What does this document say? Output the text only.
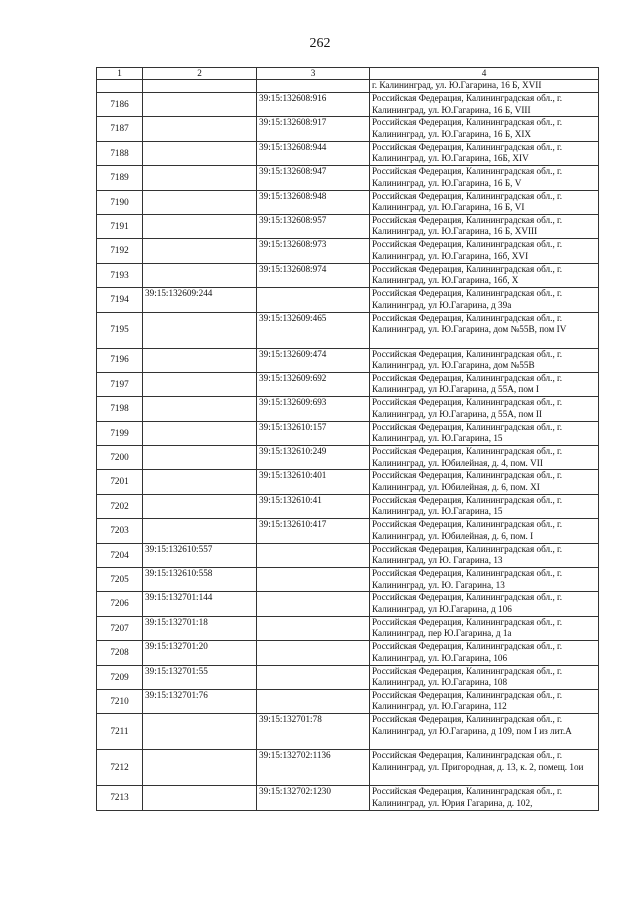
262
1	2	3	4
			г. Калининград, ул. Ю.Гагарина, 16 Б, XVII
7186		39:15:132608:916	Российская Федерация, Калининградская обл., г. Калининград, ул. Ю.Гагарина, 16 Б, VIII
7187		39:15:132608:917	Российская Федерация, Калининградская обл., г. Калининград, ул. Ю.Гагарина, 16 Б, XIX
7188		39:15:132608:944	Российская Федерация, Калининградская обл., г. Калининград, ул. Ю.Гагарина, 16Б, XIV
7189		39:15:132608:947	Российская Федерация, Калининградская обл., г. Калининград, ул. Ю.Гагарина, 16 Б, V
7190		39:15:132608:948	Российская Федерация, Калининградская обл., г. Калининград, ул. Ю.Гагарина, 16 Б, VI
7191		39:15:132608:957	Российская Федерация, Калининградская обл., г. Калининград, ул. Ю.Гагарина, 16 Б, XVIII
7192		39:15:132608:973	Российская Федерация, Калининградская обл., г. Калининград, ул. Ю.Гагарина, 16б, XVI
7193		39:15:132608:974	Российская Федерация, Калининградская обл., г. Калининград, ул. Ю.Гагарина, 16б, X
7194	39:15:132609:244		Российская Федерация, Калининградская обл., г. Калининград, ул Ю.Гагарина, д 39а
7195		39:15:132609:465	Российская Федерация, Калининградская обл., г. Калининград, ул. Ю.Гагарина, дом №55В, пом IV
7196		39:15:132609:474	Российская Федерация, Калининградская обл., г. Калининград, ул. Ю.Гагарина, дом №55В
7197		39:15:132609:692	Российская Федерация, Калининградская обл., г. Калининград, ул Ю.Гагарина, д 55А, пом I
7198		39:15:132609:693	Российская Федерация, Калининградская обл., г. Калининград, ул Ю.Гагарина, д 55А, пом II
7199		39:15:132610:157	Российская Федерация, Калининградская обл., г. Калининград, ул. Ю.Гагарина, 15
7200		39:15:132610:249	Российская Федерация, Калининградская обл., г. Калининград, ул. Юбилейная, д. 4, пом. VII
7201		39:15:132610:401	Российская Федерация, Калининградская обл., г. Калининград, ул. Юбилейная, д. 6, пом. XI
7202		39:15:132610:41	Российская Федерация, Калининградская обл., г. Калининград, ул. Ю.Гагарина, 15
7203		39:15:132610:417	Российская Федерация, Калининградская обл., г. Калининград, ул. Юбилейная, д. 6, пом. I
7204	39:15:132610:557		Российская Федерация, Калининградская обл., г. Калининград, ул Ю. Гагарина, 13
7205	39:15:132610:558		Российская Федерация, Калининградская обл., г. Калининград, ул. Ю. Гагарина, 13
7206	39:15:132701:144		Российская Федерация, Калининградская обл., г. Калининград, ул Ю.Гагарина, д 106
7207	39:15:132701:18		Российская Федерация, Калининградская обл., г. Калининград, пер Ю.Гагарина, д 1а
7208	39:15:132701:20		Российская Федерация, Калининградская обл., г. Калининград, ул. Ю.Гагарина, 106
7209	39:15:132701:55		Российская Федерация, Калининградская обл., г. Калининград, ул. Ю.Гагарина, 108
7210	39:15:132701:76		Российская Федерация, Калининградская обл., г. Калининград, ул. Ю.Гагарина, 112
7211		39:15:132701:78	Российская Федерация, Калининградская обл., г. Калининград, ул Ю.Гагарина, д 109, пом I из лит.А
7212		39:15:132702:1136	Российская Федерация, Калининградская обл., г. Калининград, ул. Пригородная, д. 13, к. 2, помещ. 1ои
7213		39:15:132702:1230	Российская Федерация, Калининградская обл., г. Калининград, ул. Юрия Гагарина, д. 102,
